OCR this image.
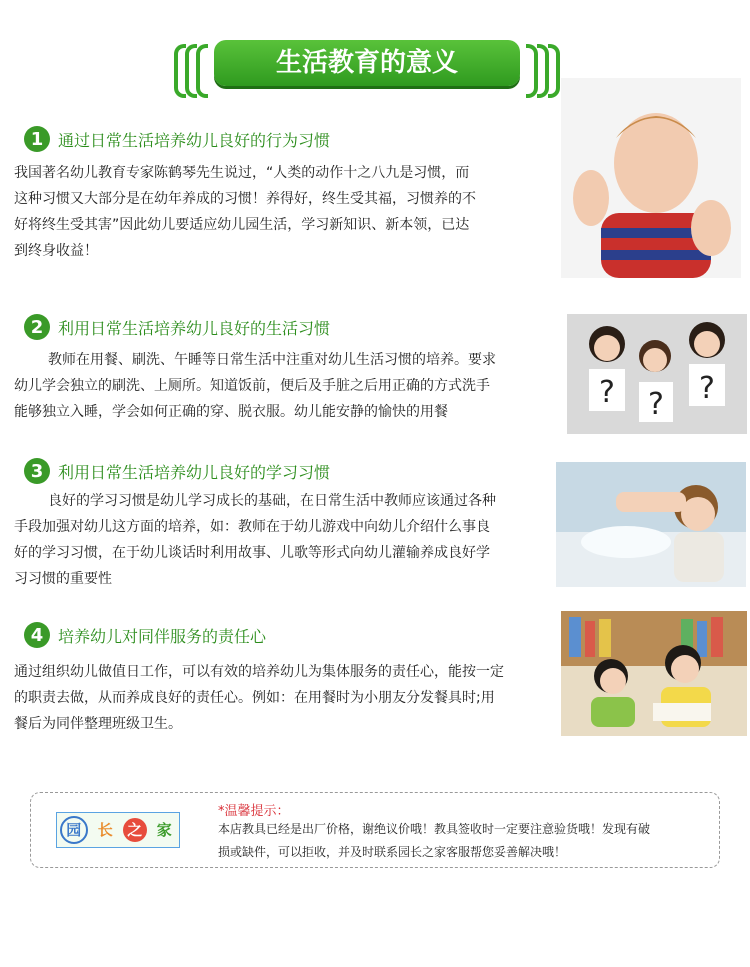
生活教育的意义
1 通过日常生活培养幼儿良好的行为习惯
我国著名幼儿教育专家陈鹤琴先生说过，“人类的动作十之八九是习惯，而
这种习惯又大部分是在幼年养成的习惯！养得好，终生受其福，习惯养的不
好将终生受其害”因此幼儿要适应幼儿园生活，学习新知识、新本领，已达
到终身收益！
2 利用日常生活培养幼儿良好的生活习惯
教师在用餐、刷洗、午睡等日常生活中注重对幼儿生活习惯的培养。要求
幼儿学会独立的刷洗、上厕所。知道饭前，便后及手脏之后用正确的方式洗手
能够独立入睡，学会如何正确的穿、脱衣服。幼儿能安静的愉快的用餐
? ? ?
3 利用日常生活培养幼儿良好的学习习惯
良好的学习习惯是幼儿学习成长的基础，在日常生活中教师应该通过各种
手段加强对幼儿这方面的培养，如：教师在于幼儿游戏中向幼儿介绍什么事良
好的学习习惯，在于幼儿谈话时利用故事、儿歌等形式向幼儿灌输养成良好学
习习惯的重要性
4 培养幼儿对同伴服务的责任心
通过组织幼儿做值日工作，可以有效的培养幼儿为集体服务的责任心，能按一定
的职责去做，从而养成良好的责任心。例如：在用餐时为小朋友分发餐具时;用
餐后为同伴整理班级卫生。
园	长 之 家
*温馨提示：
本店教具已经是出厂价格，谢绝议价哦！教具签收时一定要注意验货哦！发现有破
损或缺件，可以拒收，并及时联系园长之家客服帮您妥善解决哦！
